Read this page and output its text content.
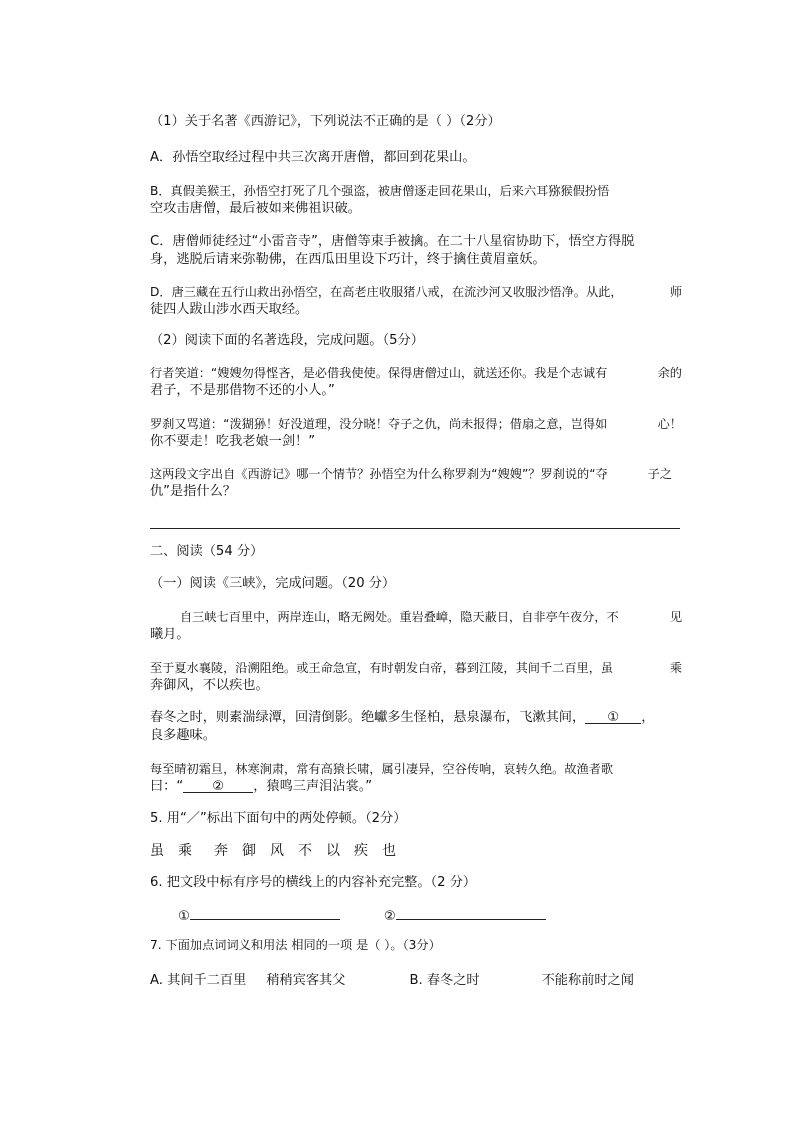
（1）关于名著《西游记》，下列说法不正确的是（ ）（2分）
A．孙悟空取经过程中共三次离开唐僧，都回到花果山。
B．真假美猴王，孙悟空打死了几个强盗，被唐僧逐走回花果山，后来六耳猕猴假扮悟
空攻击唐僧，最后被如来佛祖识破。
C．唐僧师徒经过“小雷音寺”，唐僧等束手被擒。在二十八星宿协助下，悟空方得脱
身，逃脱后请来弥勒佛，在西瓜田里设下巧计，终于擒住黄眉童妖。
D．唐三藏在五行山救出孙悟空，在高老庄收服猪八戒，在流沙河又收服沙悟净。从此，	师
徒四人跋山涉水西天取经。
（2）阅读下面的名著选段，完成问题。（5分）
行者笑道：“嫂嫂勿得悭吝，是必借我使使。保得唐僧过山，就送还你。我是个志诚有	余的
君子，不是那借物不还的小人。”
罗刹又骂道：“泼猢狲！好没道理，没分晓！夺子之仇，尚未报得；借扇之意，岂得如	心！
你不要走！吃我老娘一剑！”
这两段文字出自《西游记》哪一个情节？孙悟空为什么称罗刹为“嫂嫂”？罗刹说的“夺	子之
仇”是指什么？
二、阅读（54 分）
（一）阅读《三峡》，完成问题。（20 分）
自三峡七百里中，两岸连山，略无阙处。重岩叠嶂，隐天蔽日，自非亭午夜分，不	见
曦月。
至于夏水襄陵，沿溯阻绝。或王命急宣，有时朝发白帝，暮到江陵，其间千二百里，虽	乘
奔御风，不以疾也。
春冬之时，则素湍绿潭，回清倒影。绝巘多生怪柏，悬泉瀑布，飞漱其间， ① ，
良多趣味。
每至晴初霜旦，林寒涧肃，常有高猿长啸，属引凄异，空谷传响，哀转久绝。故渔者歌
曰：“ ② ，猿鸣三声泪沾裳。”
5. 用“／”标出下面句中的两处停顿。（2分）
虽 乘 奔 御 风 不 以 疾 也
6. 把文段中标有序号的横线上的内容补充完整。（2 分）
①	②
7. 下面加点词词义和用法 相同的一项 是（ ）。（3分）
A. 其间千二百里 稍稍宾客其父	B. 春冬之时	不能称前时之闻
